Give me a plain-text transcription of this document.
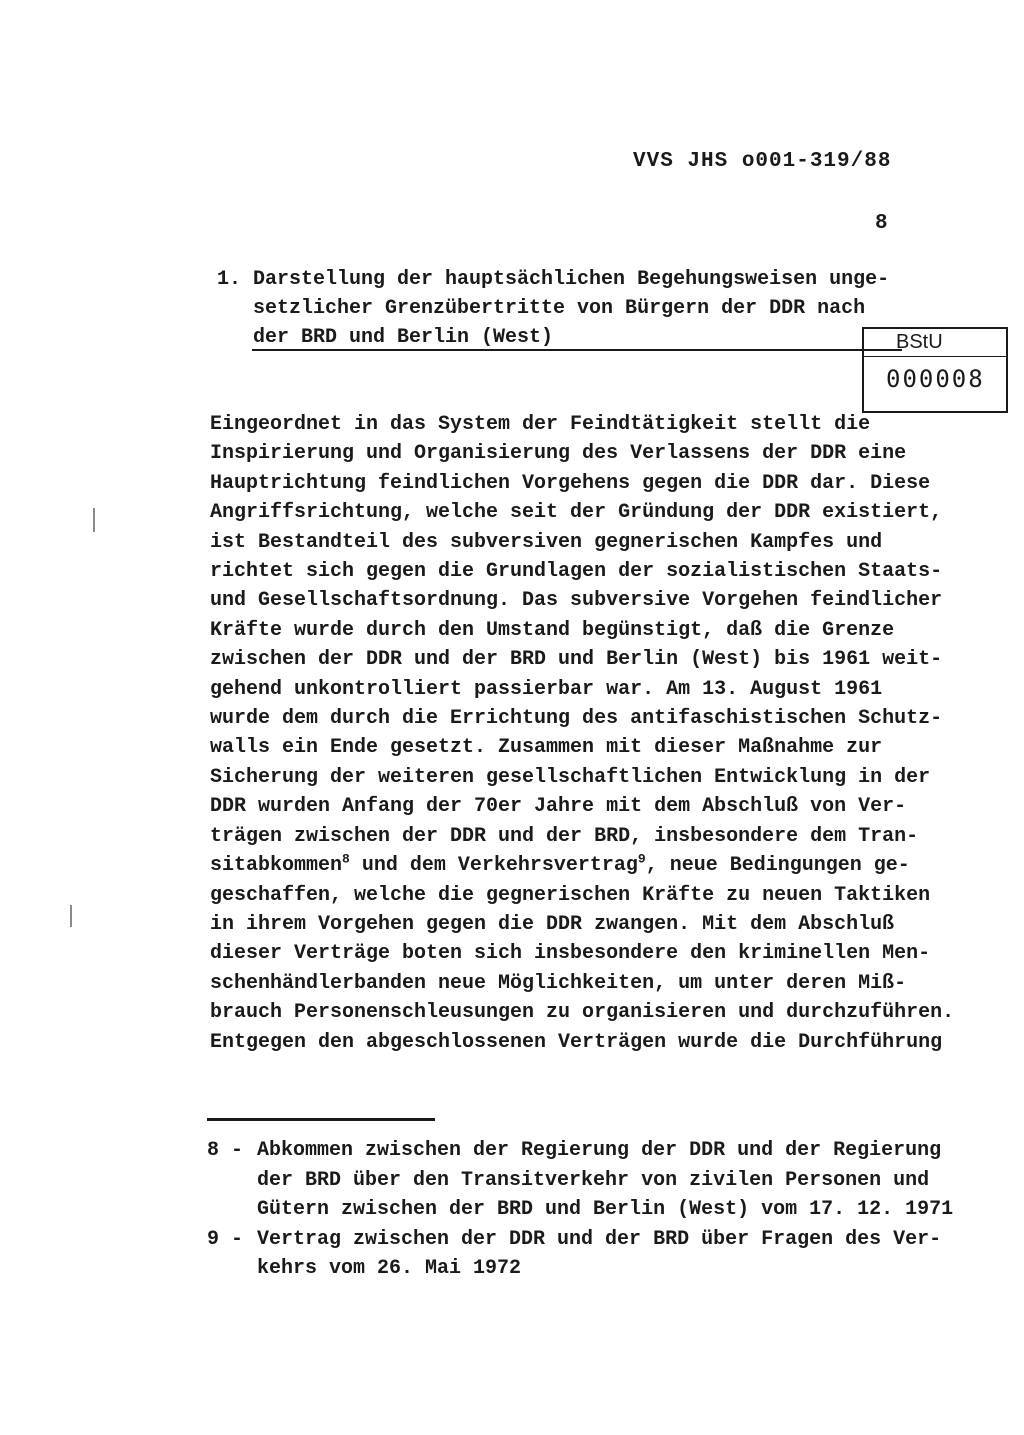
VVS JHS o001-319/88
8
1. Darstellung der hauptsächlichen Begehungsweisen unge-
setzlicher Grenzübertritte von Bürgern der DDR nach
der BRD und Berlin (West)	BStU
000008
Eingeordnet in das System der Feindtätigkeit stellt die
Inspirierung und Organisierung des Verlassens der DDR eine
Hauptrichtung feindlichen Vorgehens gegen die DDR dar. Diese
Angriffsrichtung, welche seit der Gründung der DDR existiert,
ist Bestandteil des subversiven gegnerischen Kampfes und
richtet sich gegen die Grundlagen der sozialistischen Staats-
und Gesellschaftsordnung. Das subversive Vorgehen feindlicher
Kräfte wurde durch den Umstand begünstigt, daß die Grenze
zwischen der DDR und der BRD und Berlin (West) bis 1961 weit-
gehend unkontrolliert passierbar war. Am 13. August 1961
wurde dem durch die Errichtung des antifaschistischen Schutz-
walls ein Ende gesetzt. Zusammen mit dieser Maßnahme zur
Sicherung der weiteren gesellschaftlichen Entwicklung in der
DDR wurden Anfang der 70er Jahre mit dem Abschluß von Ver-
trägen zwischen der DDR und der BRD, insbesondere dem Tran-
sitabkommen$^8$ und dem Verkehrsvertrag$^9$, neue Bedingungen ge-
geschaffen, welche die gegnerischen Kräfte zu neuen Taktiken
in ihrem Vorgehen gegen die DDR zwangen. Mit dem Abschluß
dieser Verträge boten sich insbesondere den kriminellen Men-
schenhändlerbanden neue Möglichkeiten, um unter deren Miß-
brauch Personenschleusungen zu organisieren und durchzuführen.
Entgegen den abgeschlossenen Verträgen wurde die Durchführung
8 - Abkommen zwischen der Regierung der DDR und der Regierung
der BRD über den Transitverkehr von zivilen Personen und
Gütern zwischen der BRD und Berlin (West) vom 17. 12. 1971
9 - Vertrag zwischen der DDR und der BRD über Fragen des Ver-
kehrs vom 26. Mai 1972
